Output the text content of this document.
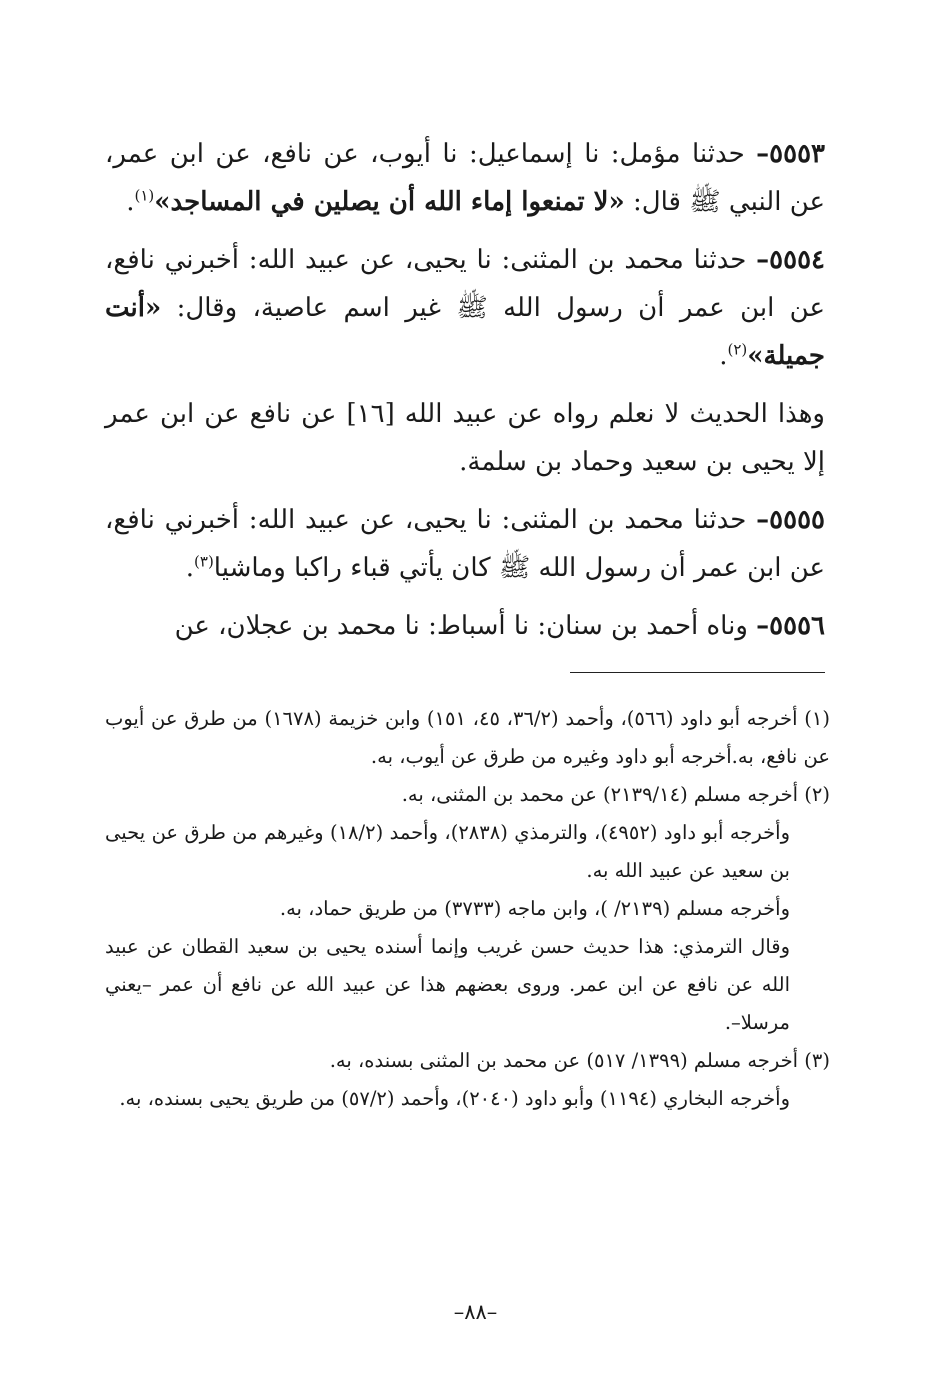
٥٥٥٣– حدثنا مؤمل: نا إسماعيل: نا أيوب، عن نافع، عن ابن عمر، عن النبي ﷺ قال: «لا تمنعوا إماء الله أن يصلين في المساجد»$^{(١)}$.

٥٥٥٤– حدثنا محمد بن المثنى: نا يحيى، عن عبيد الله: أخبرني نافع، عن ابن عمر أن رسول الله ﷺ غير اسم عاصية، وقال: «أنت جميلة»$^{(٢)}$.

وهذا الحديث لا نعلم رواه عن عبيد الله [١٦] عن نافع عن ابن عمر إلا يحيى بن سعيد وحماد بن سلمة.

٥٥٥٥– حدثنا محمد بن المثنى: نا يحيى، عن عبيد الله: أخبرني نافع، عن ابن عمر أن رسول الله ﷺ كان يأتي قباء راكبا وماشيا$^{(٣)}$.

٥٥٥٦– وناه أحمد بن سنان: نا أسباط: نا محمد بن عجلان، عن

(١) أخرجه أبو داود (٥٦٦)، وأحمد (٣٦/٢، ٤٥، ١٥١) وابن خزيمة (١٦٧٨) من طرق عن أيوب عن نافع، به.أخرجه أبو داود وغيره من طرق عن أيوب، به.

(٢) أخرجه مسلم (٢١٣٩/١٤) عن محمد بن المثنى، به.

وأخرجه أبو داود (٤٩٥٢)، والترمذي (٢٨٣٨)، وأحمد (١٨/٢) وغيرهم من طرق عن يحيى بن سعيد عن عبيد الله به.

وأخرجه مسلم (٢١٣٩/ )، وابن ماجه (٣٧٣٣) من طريق حماد، به.

وقال الترمذي: هذا حديث حسن غريب وإنما أسنده يحيى بن سعيد القطان عن عبيد الله عن نافع عن ابن عمر. وروى بعضهم هذا عن عبيد الله عن نافع أن عمر –يعني مرسلا–.

(٣) أخرجه مسلم (١٣٩٩/ ٥١٧) عن محمد بن المثنى بسنده، به.

وأخرجه البخاري (١١٩٤) وأبو داود (٢٠٤٠)، وأحمد (٥٧/٢) من طريق يحيى بسنده، به.

–٨٨–
